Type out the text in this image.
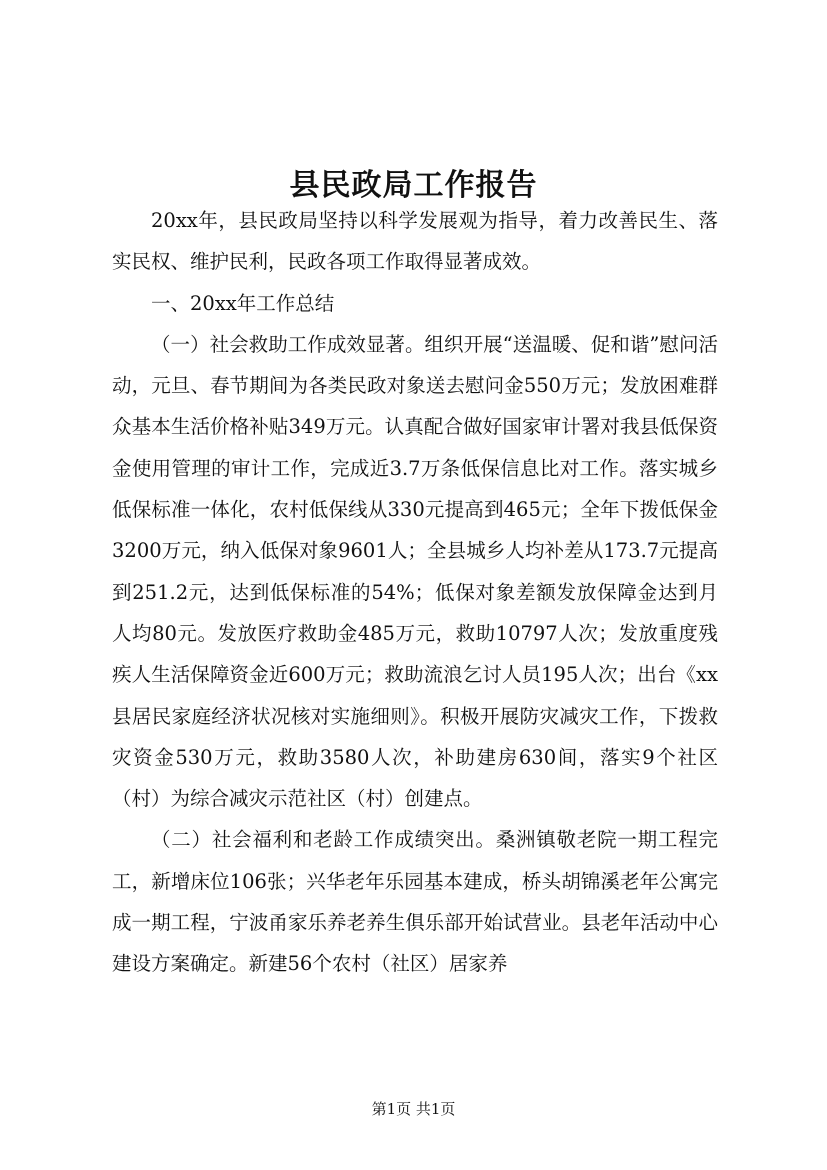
县民政局工作报告

20xx年，县民政局坚持以科学发展观为指导，着力改善民生、落实民权、维护民利，民政各项工作取得显著成效。

一、20xx年工作总结

（一）社会救助工作成效显著。组织开展“送温暖、促和谐”慰问活动，元旦、春节期间为各类民政对象送去慰问金550万元；发放困难群众基本生活价格补贴349万元。认真配合做好国家审计署对我县低保资金使用管理的审计工作，完成近3.7万条低保信息比对工作。落实城乡低保标准一体化，农村低保线从330元提高到465元；全年下拨低保金3200万元，纳入低保对象9601人；全县城乡人均补差从173.7元提高到251.2元，达到低保标准的54%；低保对象差额发放保障金达到月人均80元。发放医疗救助金485万元，救助10797人次；发放重度残疾人生活保障资金近600万元；救助流浪乞讨人员195人次；出台《xx县居民家庭经济状况核对实施细则》。积极开展防灾减灾工作，下拨救灾资金530万元，救助3580人次，补助建房630间，落实9个社区（村）为综合减灾示范社区（村）创建点。

（二）社会福利和老龄工作成绩突出。桑洲镇敬老院一期工程完工，新增床位106张；兴华老年乐园基本建成，桥头胡锦溪老年公寓完成一期工程，宁波甬家乐养老养生俱乐部开始试营业。县老年活动中心建设方案确定。新建56个农村（社区）居家养

第1页 共1页
